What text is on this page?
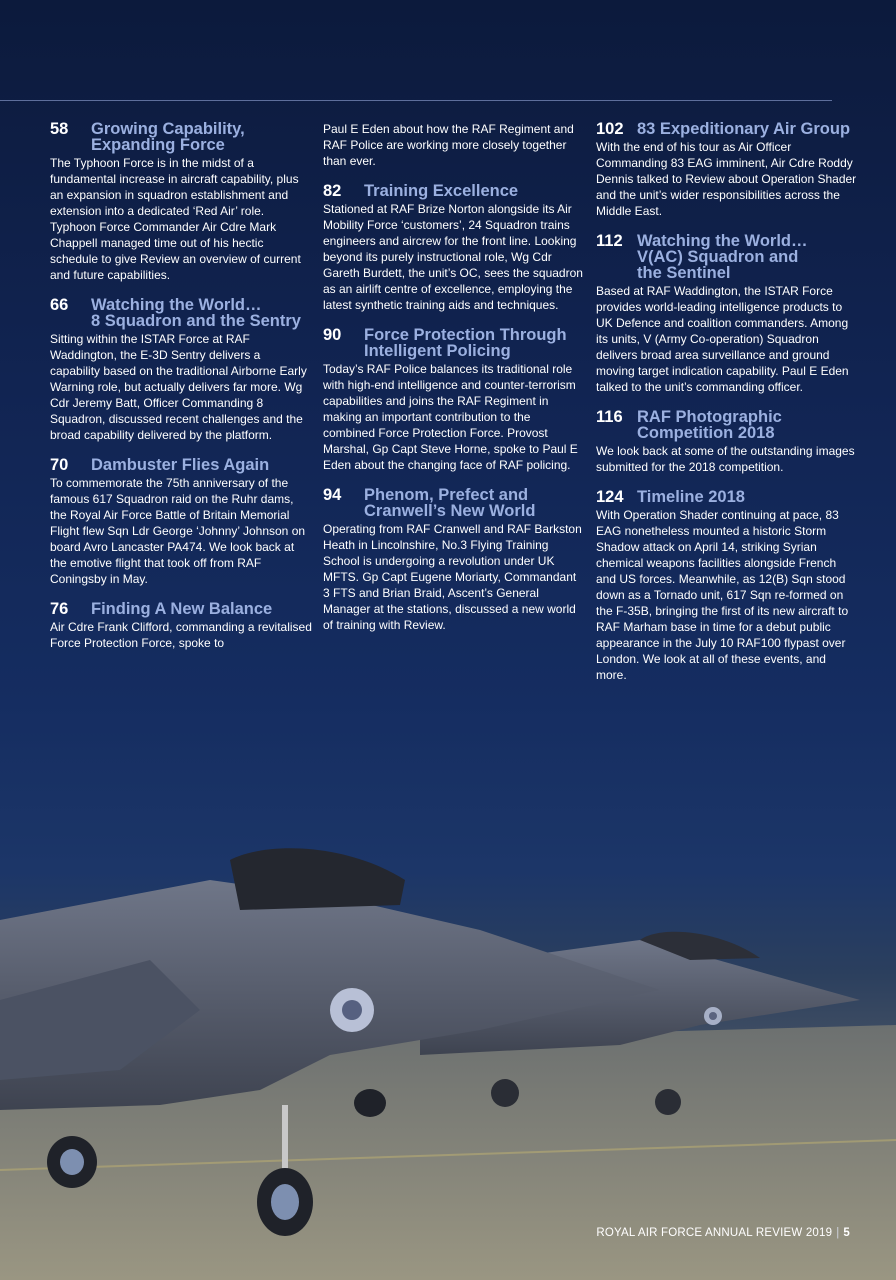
58	Growing Capability,
Expanding Force
The Typhoon Force is in the midst of a fundamental increase in aircraft capability, plus an expansion in squadron establishment and extension into a dedicated ‘Red Air’ role. Typhoon Force Commander Air Cdre Mark Chappell managed time out of his hectic schedule to give Review an overview of current and future capabilities.
66	Watching the World…
8 Squadron and the Sentry
Sitting within the ISTAR Force at RAF Waddington, the E-3D Sentry delivers a capability based on the traditional Airborne Early Warning role, but actually delivers far more. Wg Cdr Jeremy Batt, Officer Commanding 8 Squadron, discussed recent challenges and the broad capability delivered by the platform.
70	Dambuster Flies Again
To commemorate the 75th anniversary of the famous 617 Squadron raid on the Ruhr dams, the Royal Air Force Battle of Britain Memorial Flight flew Sqn Ldr George ‘Johnny’ Johnson on board Avro Lancaster PA474. We look back at the emotive flight that took off from RAF Coningsby in May.
76	Finding A New Balance
Air Cdre Frank Clifford, commanding a revitalised Force Protection Force, spoke to
Paul E Eden about how the RAF Regiment and RAF Police are working more closely together than ever.
82	Training Excellence
Stationed at RAF Brize Norton alongside its Air Mobility Force ‘customers’, 24 Squadron trains engineers and aircrew for the front line. Looking beyond its purely instructional role, Wg Cdr Gareth Burdett, the unit’s OC, sees the squadron as an airlift centre of excellence, employing the latest synthetic training aids and techniques.
90	Force Protection Through
Intelligent Policing
Today’s RAF Police balances its traditional role with high-end intelligence and counter-terrorism capabilities and joins the RAF Regiment in making an important contribution to the combined Force Protection Force. Provost Marshal, Gp Capt Steve Horne, spoke to Paul E Eden about the changing face of RAF policing.
94	Phenom, Prefect and
Cranwell’s New World
Operating from RAF Cranwell and RAF Barkston Heath in Lincolnshire, No.3 Flying Training School is undergoing a revolution under UK MFTS. Gp Capt Eugene Moriarty, Commandant 3 FTS and Brian Braid, Ascent’s General Manager at the stations, discussed a new world of training with Review.
102 83 Expeditionary Air Group
With the end of his tour as Air Officer Commanding 83 EAG imminent, Air Cdre Roddy Dennis talked to Review about Operation Shader and the unit’s wider responsibilities across the Middle East.
112 Watching the World…
V(AC) Squadron and
the Sentinel
Based at RAF Waddington, the ISTAR Force provides world-leading intelligence products to UK Defence and coalition commanders. Among its units, V (Army Co-operation) Squadron delivers broad area surveillance and ground moving target indication capability. Paul E Eden talked to the unit’s commanding officer.
116 RAF Photographic
Competition 2018
We look back at some of the outstanding images submitted for the 2018 competition.
124 Timeline 2018
With Operation Shader continuing at pace, 83 EAG nonetheless mounted a historic Storm Shadow attack on April 14, striking Syrian chemical weapons facilities alongside French and US forces. Meanwhile, as 12(B) Sqn stood down as a Tornado unit, 617 Sqn re-formed on the F-35B, bringing the first of its new aircraft to RAF Marham base in time for a debut public appearance in the July 10 RAF100 flypast over London. We look at all of these events, and more.
ROYAL AIR FORCE ANNUAL REVIEW 2019 | 5
